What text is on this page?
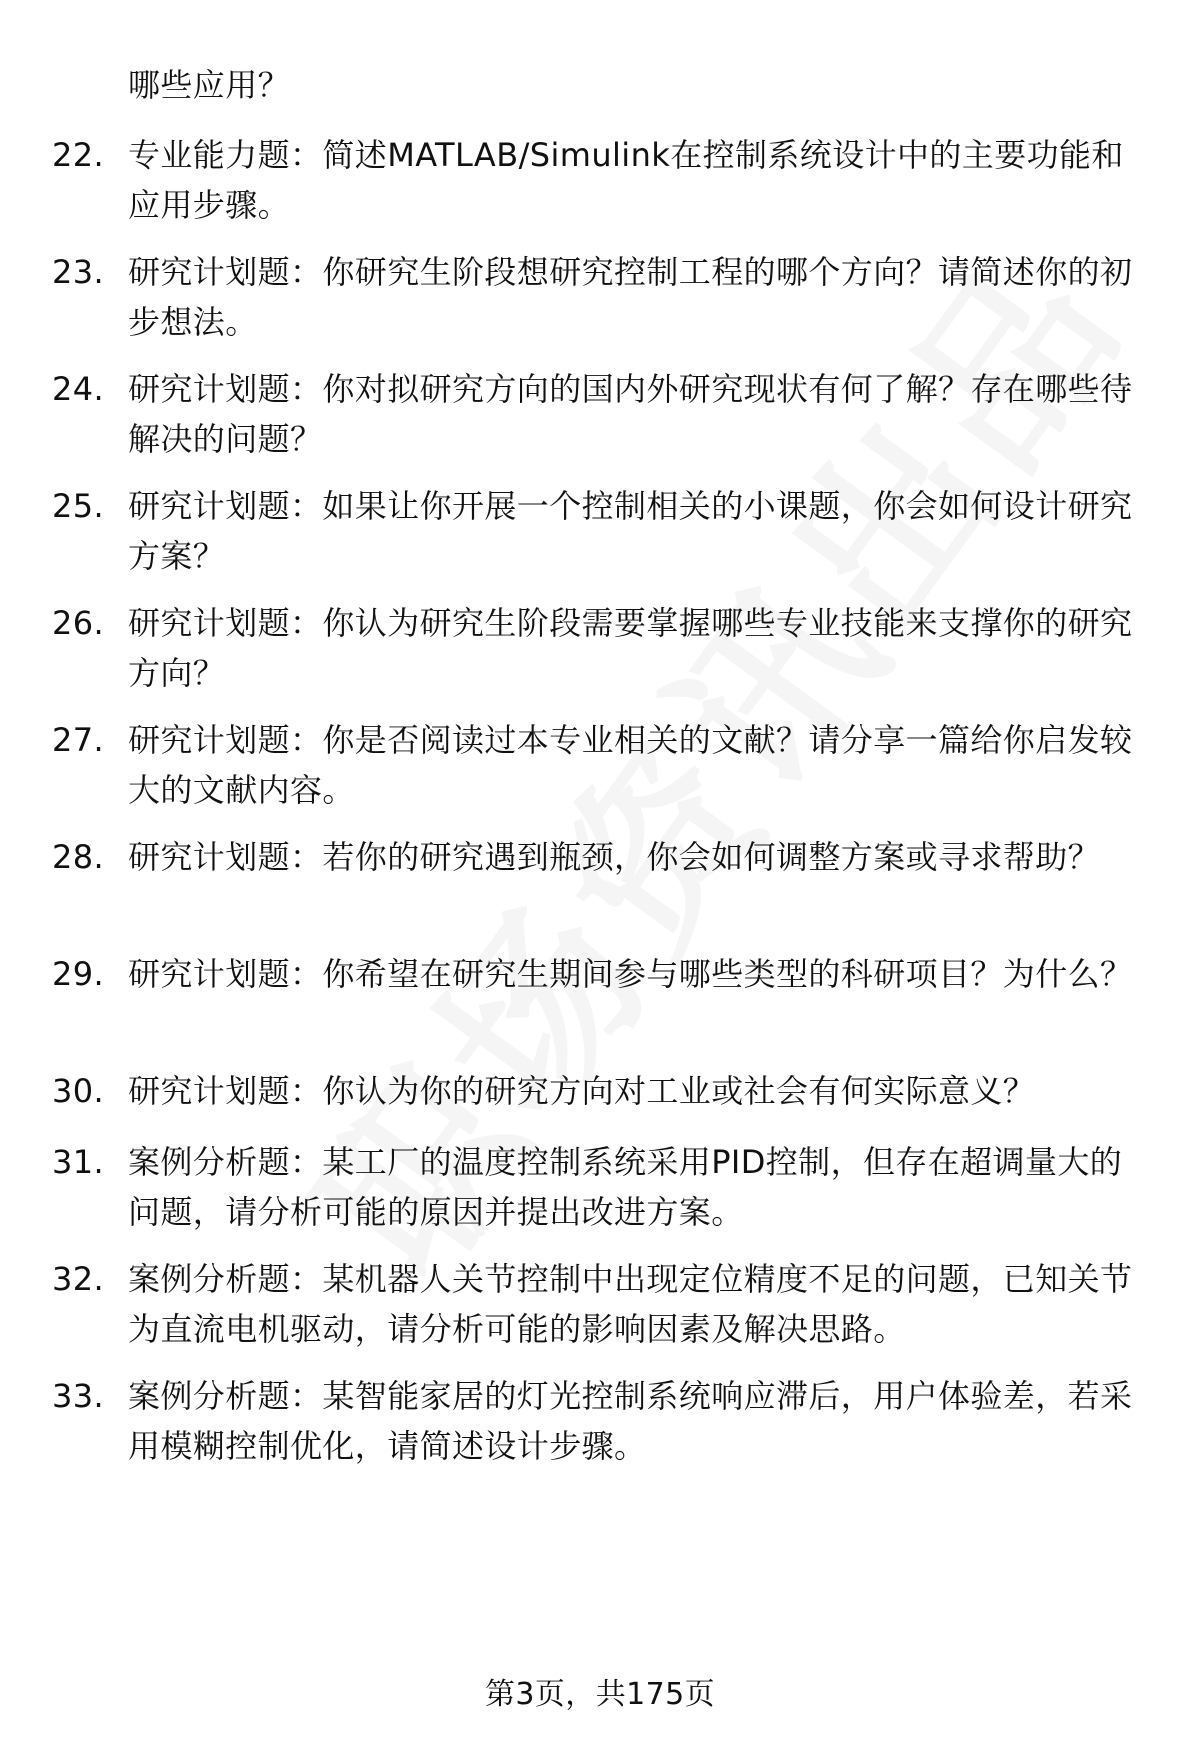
哪些应用？
22. 专业能力题：简述MATLAB/Simulink在控制系统设计中的主要功能和应用步骤。
23. 研究计划题：你研究生阶段想研究控制工程的哪个方向？请简述你的初步想法。
24. 研究计划题：你对拟研究方向的国内外研究现状有何了解？存在哪些待解决的问题？
25. 研究计划题：如果让你开展一个控制相关的小课题，你会如何设计研究方案？
26. 研究计划题：你认为研究生阶段需要掌握哪些专业技能来支撑你的研究方向？
27. 研究计划题：你是否阅读过本专业相关的文献？请分享一篇给你启发较大的文献内容。
28. 研究计划题：若你的研究遇到瓶颈，你会如何调整方案或寻求帮助？
29. 研究计划题：你希望在研究生期间参与哪些类型的科研项目？为什么？
30. 研究计划题：你认为你的研究方向对工业或社会有何实际意义？
31. 案例分析题：某工厂的温度控制系统采用PID控制，但存在超调量大的问题，请分析可能的原因并提出改进方案。
32. 案例分析题：某机器人关节控制中出现定位精度不足的问题，已知关节为直流电机驱动，请分析可能的影响因素及解决思路。
33. 案例分析题：某智能家居的灯光控制系统响应滞后，用户体验差，若采用模糊控制优化，请简述设计步骤。
第3页，共175页
